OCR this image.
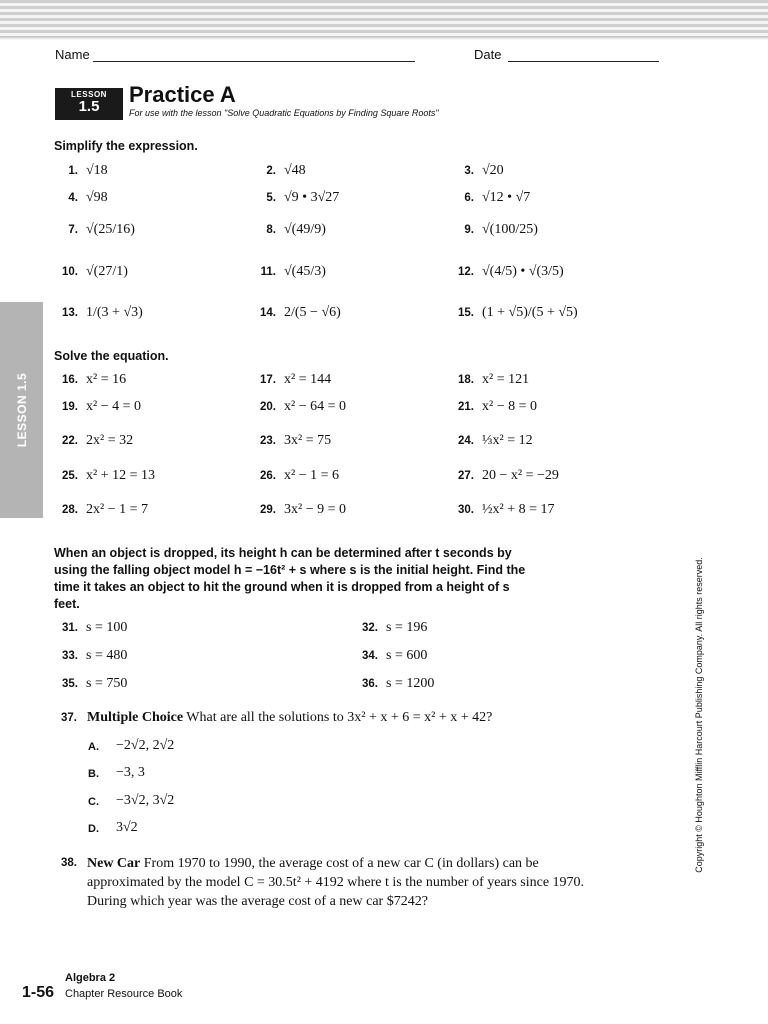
Name	Date
LESSON
1.5	Practice A
For use with the lesson "Solve Quadratic Equations by Finding Square Roots"
LESSON 1.5
Simplify the expression.
1. √18	2. √48	3. √20
4. √98	5. √9 • 3√27	6. √12 • √7
7. √(25/16)	8. √(49/9)	9. √(100/25)
10. √(27/1)	11. √(45/3)	12. √(4/5) • √(3/5)
13. 1/(3 + √3)	14. 2/(5 − √6)	15. (1 + √5)/(5 + √5)
Solve the equation.
16. x² = 16	17. x² = 144	18. x² = 121
19. x² − 4 = 0	20. x² − 64 = 0	21. x² − 8 = 0
22. 2x² = 32	23. 3x² = 75	24. ⅓x² = 12
25. x² + 12 = 13	26. x² − 1 = 6	27. 20 − x² = −29
28. 2x² − 1 = 7	29. 3x² − 9 = 0	30. ½x² + 8 = 17
When an object is dropped, its height h can be determined after t seconds by using the falling object model h = −16t² + s where s is the initial height. Find the time it takes an object to hit the ground when it is dropped from a height of s feet.
31. s = 100	32. s = 196
33. s = 480	34. s = 600
35. s = 750	36. s = 1200
37. Multiple Choice What are all the solutions to 3x² + x + 6 = x² + x + 42?
A. −2√2, 2√2
B. −3, 3
C. −3√2, 3√2
D. 3√2
38. New Car From 1970 to 1990, the average cost of a new car C (in dollars) can be approximated by the model C = 30.5t² + 4192 where t is the number of years since 1970. During which year was the average cost of a new car $7242?
Copyright © Houghton Mifflin Harcourt Publishing Company. All rights reserved.
Algebra 2
Chapter Resource Book
1-56
